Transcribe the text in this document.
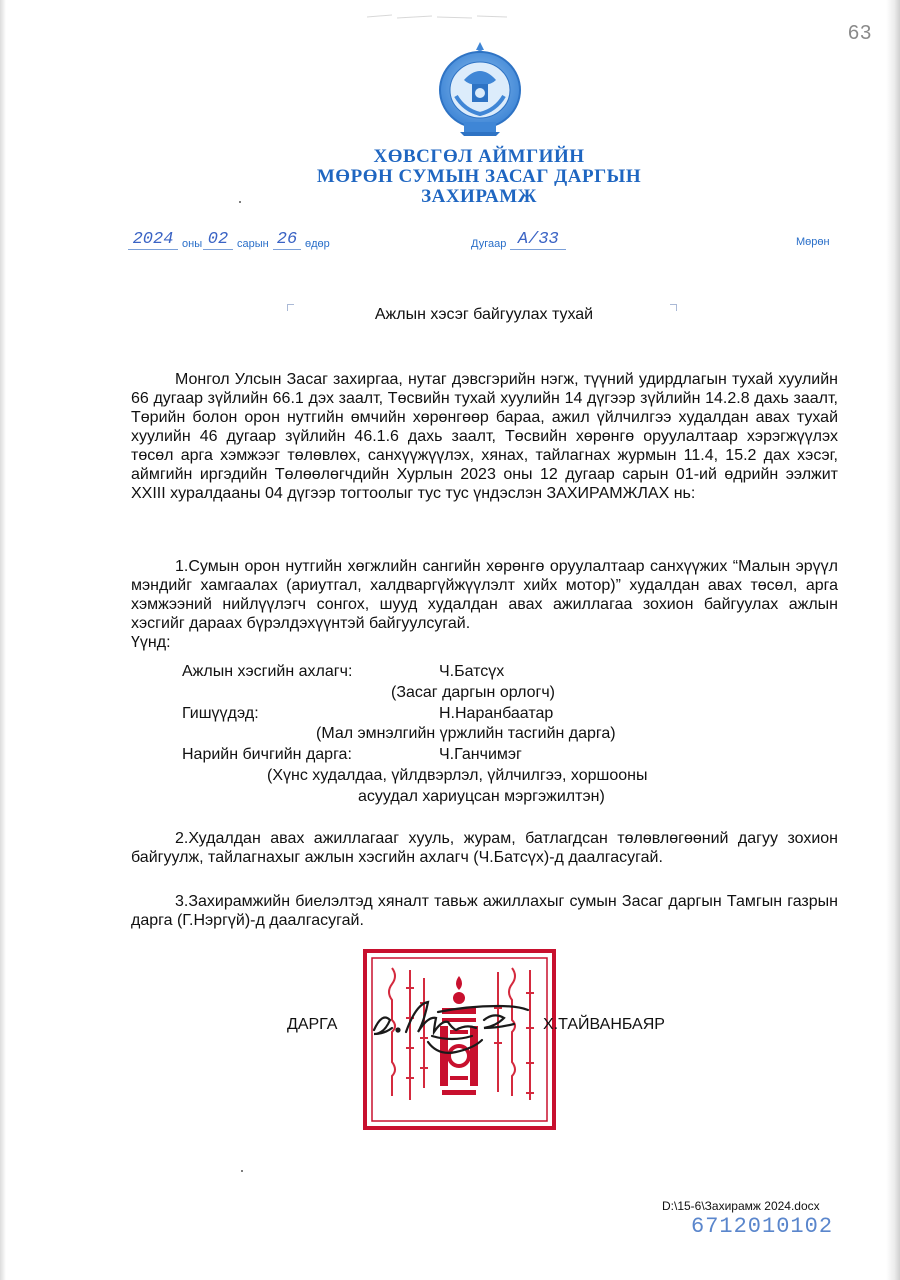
63
ХӨВСГӨЛ АЙМГИЙН
МӨРӨН СУМЫН ЗАСАГ ДАРГЫН
ЗАХИРАМЖ
2024 оны 02 сарын 26 өдөр	Дугаар А/33	Мөрөн
Ажлын хэсэг байгуулах тухай
Монгол Улсын Засаг захиргаа, нутаг дэвсгэрийн нэгж, түүний удирдлагын тухай хуулийн 66 дугаар зүйлийн 66.1 дэх заалт, Төсвийн тухай хуулийн 14 дүгээр зүйлийн 14.2.8 дахь заалт, Төрийн болон орон нутгийн өмчийн хөрөнгөөр бараа, ажил үйлчилгээ худалдан авах тухай хуулийн 46 дугаар зүйлийн 46.1.6 дахь заалт, Төсвийн хөрөнгө оруулалтаар хэрэгжүүлэх төсөл арга хэмжээг төлөвлөх, санхүүжүүлэх, хянах, тайлагнах журмын 11.4, 15.2 дах хэсэг, аймгийн иргэдийн Төлөөлөгчдийн Хурлын 2023 оны 12 дугаар сарын 01-ий өдрийн ээлжит XXIII хуралдааны 04 дүгээр тогтоолыг тус тус үндэслэн ЗАХИРАМЖЛАХ нь:
1.Сумын орон нутгийн хөгжлийн сангийн хөрөнгө оруулалтаар санхүүжих “Малын эрүүл мэндийг хамгаалах (ариутгал, халдваргүйжүүлэлт хийх мотор)” худалдан авах төсөл, арга хэмжээний нийлүүлэгч сонгох, шууд худалдан авах ажиллагаа зохион байгуулах ажлын хэсгийг дараах бүрэлдэхүүнтэй байгуулсугай.
Үүнд:
Ажлын хэсгийн ахлагч:	Ч.Батсүх
(Засаг даргын орлогч)
Гишүүдэд:	Н.Наранбаатар
(Мал эмнэлгийн үржлийн тасгийн дарга)
Нарийн бичгийн дарга:	Ч.Ганчимэг
(Хүнс худалдаа, үйлдвэрлэл, үйлчилгээ, хоршооны
асуудал хариуцсан мэргэжилтэн)
2.Худалдан авах ажиллагааг хууль, журам, батлагдсан төлөвлөгөөний дагуу зохион байгуулж, тайлагнахыг ажлын хэсгийн ахлагч (Ч.Батсүх)-д даалгасугай.
3.Захирамжийн биелэлтэд хяналт тавьж ажиллахыг сумын Засаг даргын Тамгын газрын дарга (Г.Нэргүй)-д даалгасугай.
ДАРГА	Х.ТАЙВАНБАЯР
D:\15-6\Захирамж 2024.docx
6712010102
